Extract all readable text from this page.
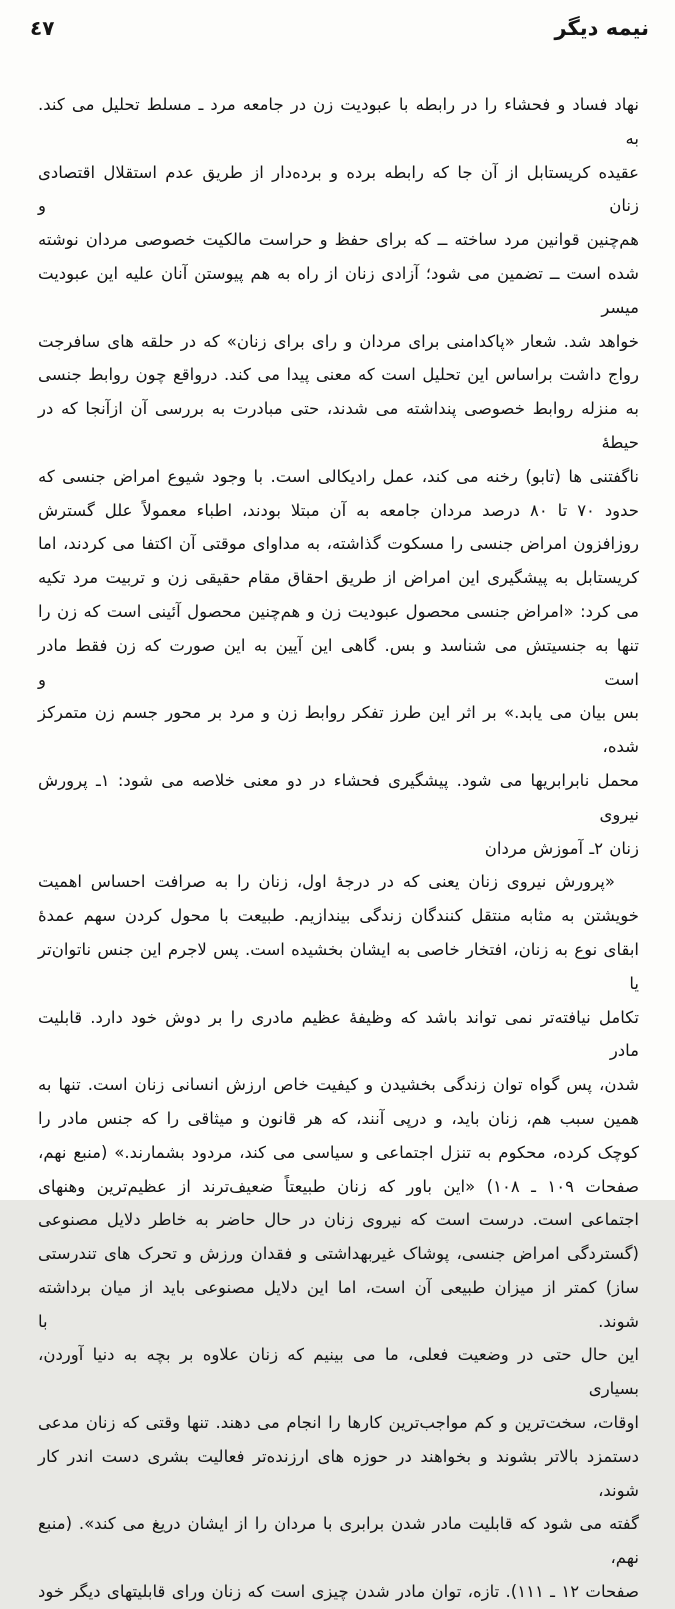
نیمه دیگر
٤٧
نهاد فساد و فحشاء را در رابطه با عبودیت زن در جامعه مرد ـ مسلط تحلیل می کند. به
عقیده کریستابل از آن جا که رابطه برده و برده‌دار از طریق عدم استقلال اقتصادی زنان و
هم‌چنین قوانین مرد ساخته ــ که برای حفظ و حراست مالکیت خصوصی مردان نوشته
شده است ــ تضمین می شود؛ آزادی زنان از راه به هم پیوستن آنان علیه این عبودیت میسر
خواهد شد. شعار «پاکدامنی برای مردان و رای برای زنان» که در حلقه های سافرجت
رواج داشت براساس این تحلیل است که معنی پیدا می کند. درواقع چون روابط جنسی
به منزله روابط خصوصی پنداشته می شدند، حتی مبادرت به بررسی آن ازآنجا که در حیطهٔ
ناگفتنی ها (تابو) رخنه می کند، عمل رادیکالی است. با وجود شیوع امراض جنسی که
حدود ۷۰ تا ۸۰ درصد مردان جامعه به آن مبتلا بودند، اطباء معمولاً علل گسترش
روزافزون امراض جنسی را مسکوت گذاشته، به مداوای موقتی آن اکتفا می کردند، اما
کریستابل به پیشگیری این امراض از طریق احقاق مقام حقیقی زن و تربیت مرد تکیه
می کرد: «امراض جنسی محصول عبودیت زن و هم‌چنین محصول آئینی است که زن را
تنها به جنسیتش می شناسد و بس. گاهی این آیین به این صورت که زن فقط مادر است و
بس بیان می یابد.» بر اثر این طرز تفکر روابط زن و مرد بر محور جسم زن متمرکز شده،
محمل نابرابریها می شود. پیشگیری فحشاء در دو معنی خلاصه می شود: ۱ـ پرورش نیروی
زنان ۲ـ آموزش مردان
«پرورش نیروی زنان یعنی که در درجهٔ اول، زنان را به صرافت احساس اهمیت
خویشتن به مثابه منتقل کنندگان زندگی بیندازیم. طبیعت با محول کردن سهم عمدهٔ
ابقای نوع به زنان، افتخار خاصی به ایشان بخشیده است. پس لاجرم این جنس ناتوان‌تر یا
تکامل نیافته‌تر نمی تواند باشد که وظیفهٔ عظیم مادری را بر دوش خود دارد. قابلیت مادر
شدن، پس گواه توان زندگی بخشیدن و کیفیت خاص ارزش انسانی زنان است. تنها به
همین سبب هم، زنان باید، و درپی آنند، که هر قانون و میثاقی را که جنس مادر را
کوچک کرده، محکوم به تنزل اجتماعی و سیاسی می کند، مردود بشمارند.» (منبع نهم،
صفحات ۱۰۹ ـ ۱۰۸) «این باور که زنان طبیعتاً ضعیف‌ترند از عظیم‌ترین وهنهای
اجتماعی است. درست است که نیروی زنان در حال حاضر به خاطر دلایل مصنوعی
(گستردگی امراض جنسی، پوشاک غیربهداشتی و فقدان ورزش و تحرک های تندرستی
ساز) کمتر از میزان طبیعی آن است، اما این دلایل مصنوعی باید از میان برداشته شوند. با
این حال حتی در وضعیت فعلی، ما می بینیم که زنان علاوه بر بچه به دنیا آوردن، بسیاری
اوقات، سخت‌ترین و کم مواجب‌ترین کارها را انجام می دهند. تنها وقتی که زنان مدعی
دستمزد بالاتر بشوند و بخواهند در حوزه های ارزنده‌تر فعالیت بشری دست اندر کار شوند،
گفته می شود که قابلیت مادر شدن برابری با مردان را از ایشان دریغ می کند». (منبع نهم،
صفحات ۱۲ ـ ۱۱۱). تازه، توان مادر شدن چیزی است که زنان ورای قابلیتهای دیگر خود
